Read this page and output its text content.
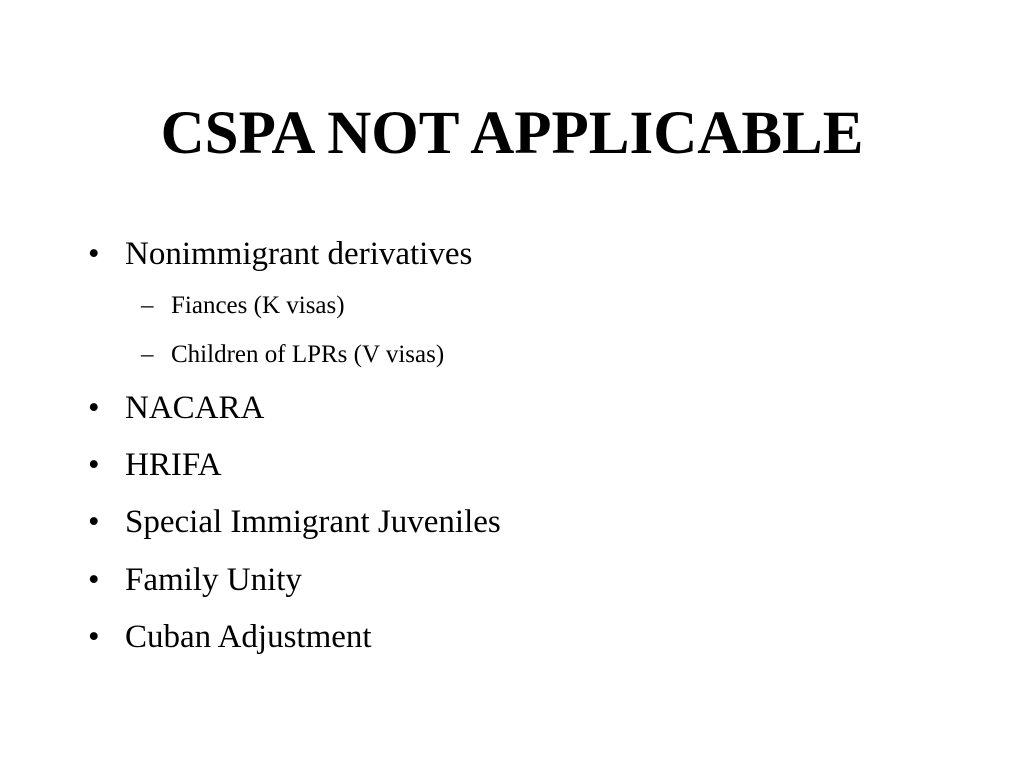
CSPA NOT APPLICABLE
• Nonimmigrant derivatives
– Fiances (K visas)
– Children of LPRs (V visas)
• NACARA
• HRIFA
• Special Immigrant Juveniles
• Family Unity
• Cuban Adjustment
